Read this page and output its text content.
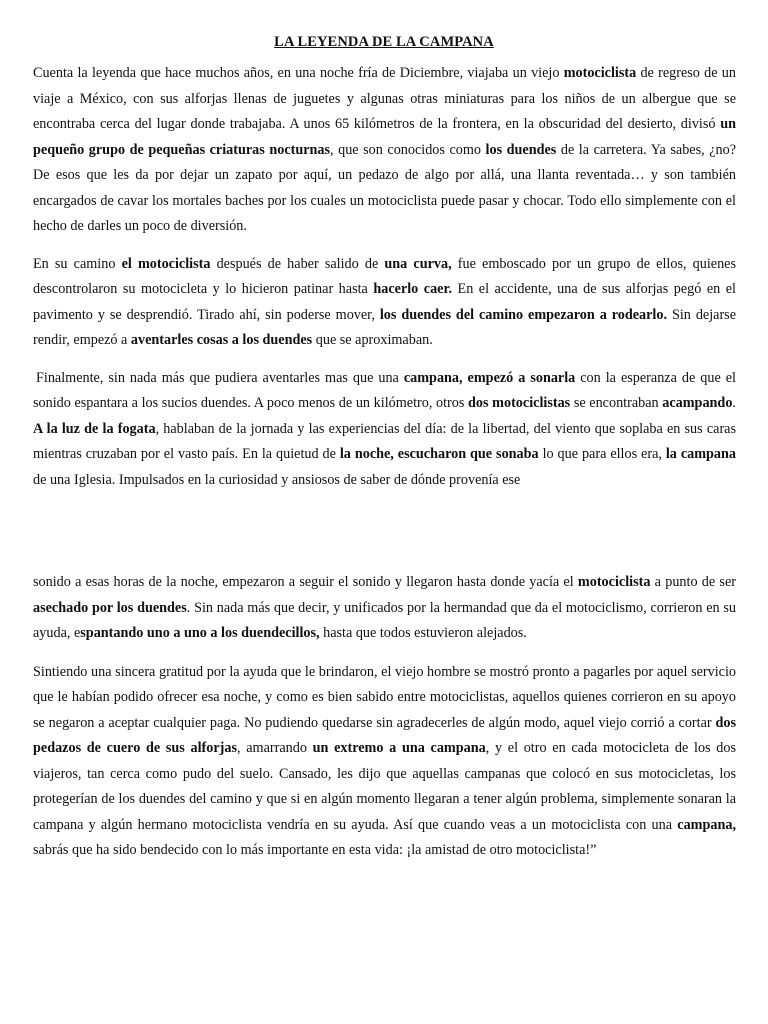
LA LEYENDA DE LA CAMPANA

Cuenta la leyenda que hace muchos años, en una noche fría de Diciembre, viajaba un viejo motociclista de regreso de un viaje a México, con sus alforjas llenas de juguetes y algunas otras miniaturas para los niños de un albergue que se encontraba cerca del lugar donde trabajaba. A unos 65 kilómetros de la frontera, en la obscuridad del desierto, divisó un pequeño grupo de pequeñas criaturas nocturnas, que son conocidos como los duendes de la carretera. Ya sabes, ¿no? De esos que les da por dejar un zapato por aquí, un pedazo de algo por allá, una llanta reventada… y son también encargados de cavar los mortales baches por los cuales un motociclista puede pasar y chocar. Todo ello simplemente con el hecho de darles un poco de diversión.

En su camino el motociclista después de haber salido de una curva, fue emboscado por un grupo de ellos, quienes descontrolaron su motocicleta y lo hicieron patinar hasta hacerlo caer. En el accidente, una de sus alforjas pegó en el pavimento y se desprendió. Tirado ahí, sin poderse mover, los duendes del camino empezaron a rodearlo. Sin dejarse rendir, empezó a aventarles cosas a los duendes que se aproximaban.

Finalmente, sin nada más que pudiera aventarles mas que una campana, empezó a sonarla con la esperanza de que el sonido espantara a los sucios duendes. A poco menos de un kilómetro, otros dos motociclistas se encontraban acampando. A la luz de la fogata, hablaban de la jornada y las experiencias del día: de la libertad, del viento que soplaba en sus caras mientras cruzaban por el vasto país. En la quietud de la noche, escucharon que sonaba lo que para ellos era, la campana de una Iglesia. Impulsados en la curiosidad y ansiosos de saber de dónde provenía ese

sonido a esas horas de la noche, empezaron a seguir el sonido y llegaron hasta donde yacía el motociclista a punto de ser asechado por los duendes. Sin nada más que decir, y unificados por la hermandad que da el motociclismo, corrieron en su ayuda, espantando uno a uno a los duendecillos, hasta que todos estuvieron alejados.

Sintiendo una sincera gratitud por la ayuda que le brindaron, el viejo hombre se mostró pronto a pagarles por aquel servicio que le habían podido ofrecer esa noche, y como es bien sabido entre motociclistas, aquellos quienes corrieron en su apoyo se negaron a aceptar cualquier paga. No pudiendo quedarse sin agradecerles de algún modo, aquel viejo corrió a cortar dos pedazos de cuero de sus alforjas, amarrando un extremo a una campana, y el otro en cada motocicleta de los dos viajeros, tan cerca como pudo del suelo. Cansado, les dijo que aquellas campanas que colocó en sus motocicletas, los protegerían de los duendes del camino y que si en algún momento llegaran a tener algún problema, simplemente sonaran la campana y algún hermano motociclista vendría en su ayuda. Así que cuando veas a un motociclista con una campana, sabrás que ha sido bendecido con lo más importante en esta vida: ¡la amistad de otro motociclista!”
